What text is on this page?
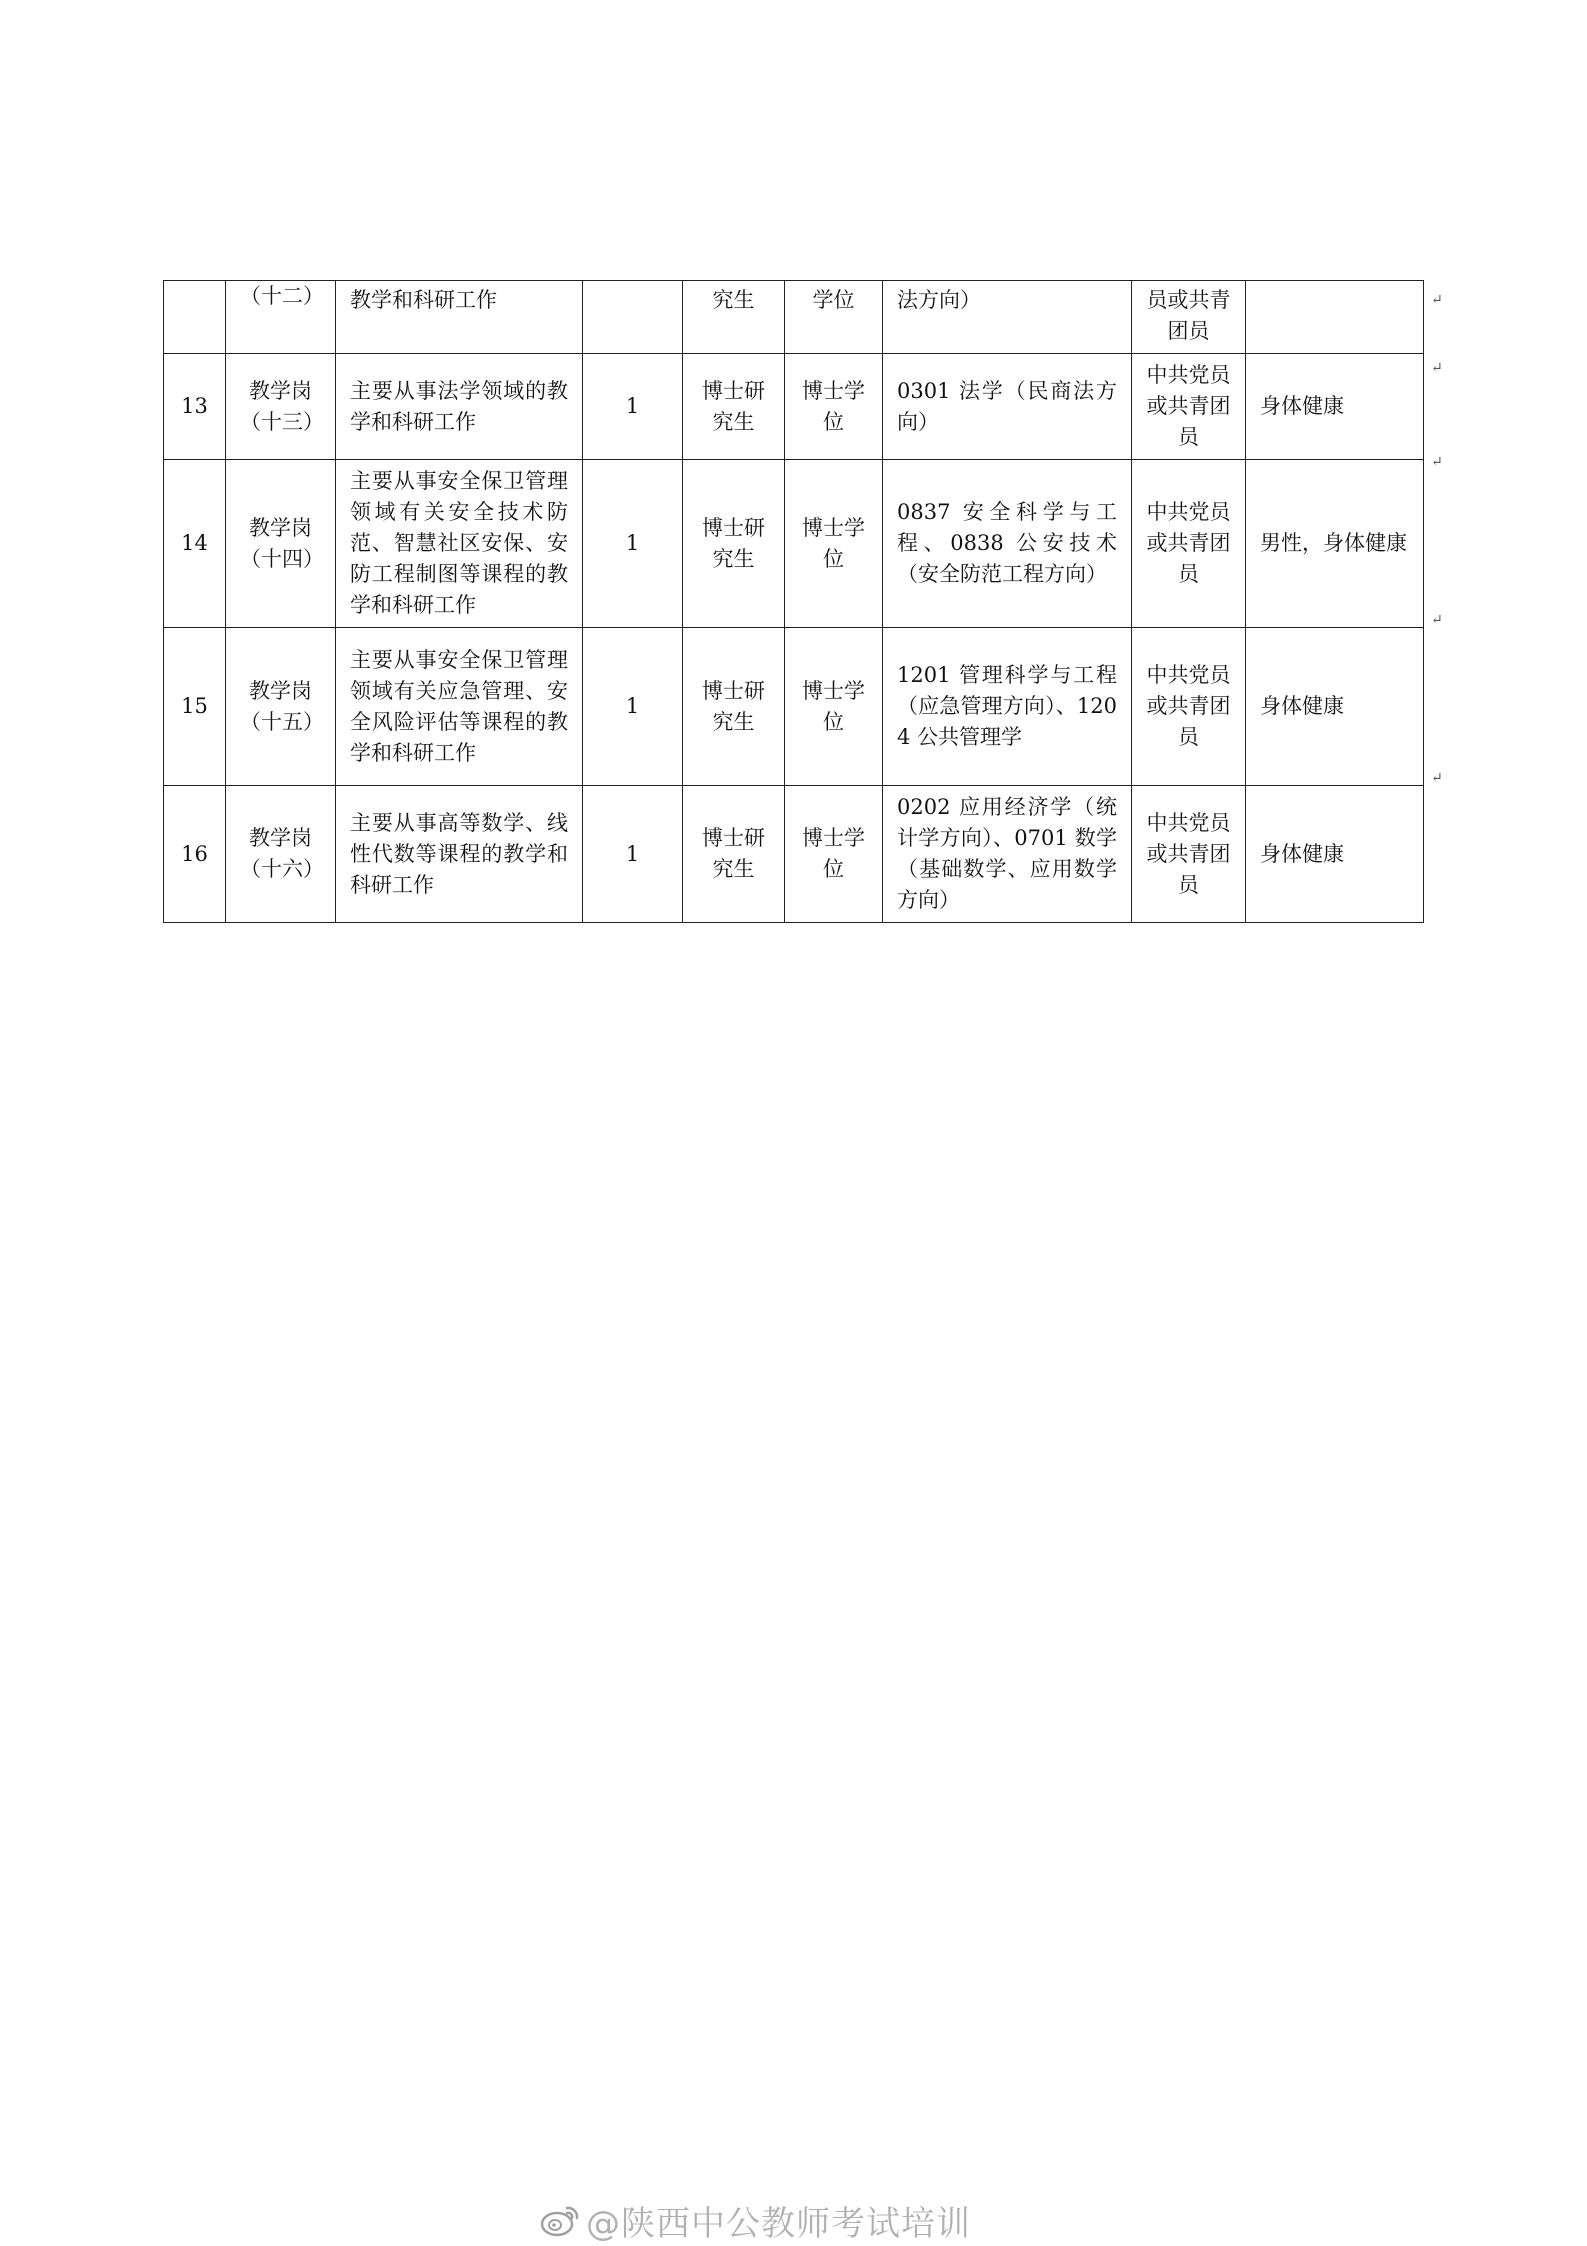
	（十二）	教学和科研工作		究生	学位	法方向）	员或共青团员	
13	教学岗（十三）	主要从事法学领域的教学和科研工作	1	博士研究生	博士学位	0301 法学（民商法方向）	中共党员或共青团员	身体健康
14	教学岗（十四）	主要从事安全保卫管理领域有关安全技术防范、智慧社区安保、安防工程制图等课程的教学和科研工作	1	博士研究生	博士学位	0837 安全科学与工程、0838 公安技术（安全防范工程方向）	中共党员或共青团员	男性，身体健康
15	教学岗（十五）	主要从事安全保卫管理领域有关应急管理、安全风险评估等课程的教学和科研工作	1	博士研究生	博士学位	1201 管理科学与工程（应急管理方向）、1204 公共管理学	中共党员或共青团员	身体健康
16	教学岗（十六）	主要从事高等数学、线性代数等课程的教学和科研工作	1	博士研究生	博士学位	0202 应用经济学（统计学方向）、0701 数学（基础数学、应用数学方向）	中共党员或共青团员	身体健康
↵
↵
↵
↵
↵
@陕西中公教师考试培训
